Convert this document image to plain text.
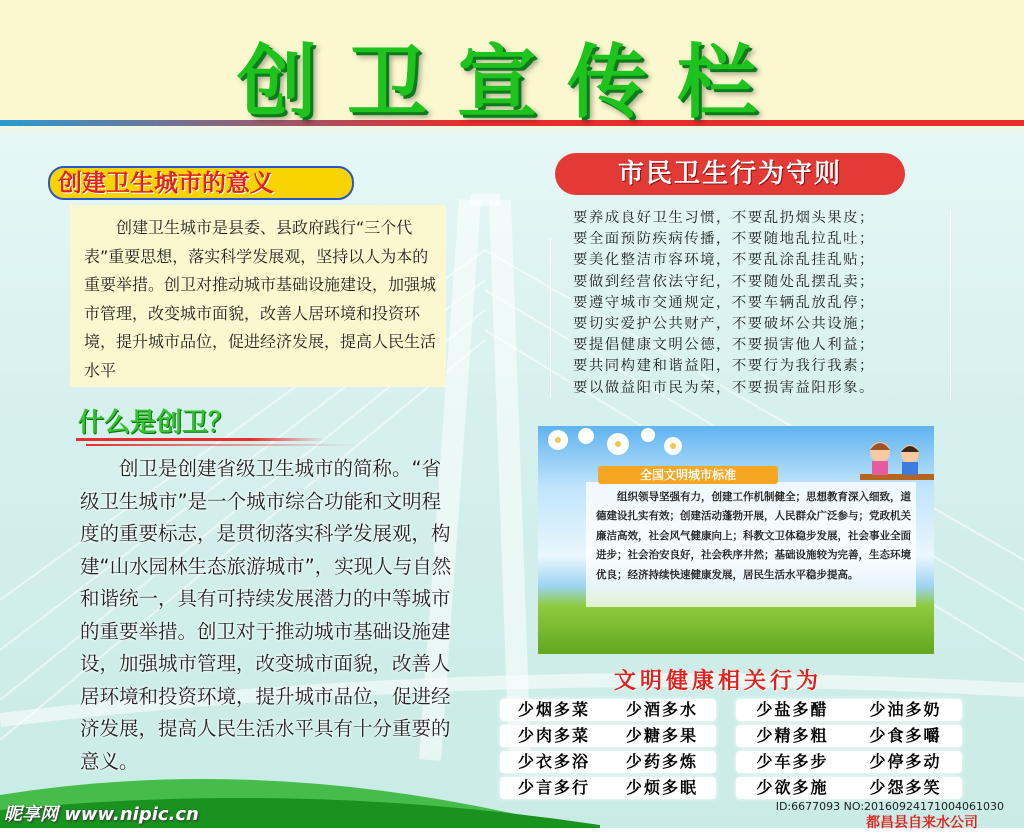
创卫宣传栏
创建卫生城市的意义
创建卫生城市是县委、县政府践行“三个代表”重要思想，落实科学发展观，坚持以人为本的重要举措。创卫对推动城市基础设施建设，加强城市管理，改变城市面貌，改善人居环境和投资环境，提升城市品位，促进经济发展，提高人民生活水平
什么是创卫？
创卫是创建省级卫生城市的简称。“省级卫生城市”是一个城市综合功能和文明程度的重要标志，是贯彻落实科学发展观，构建“山水园林生态旅游城市”，实现人与自然和谐统一，具有可持续发展潜力的中等城市的重要举措。创卫对于推动城市基础设施建设，加强城市管理，改变城市面貌，改善人居环境和投资环境，提升城市品位，促进经济发展，提高人民生活水平具有十分重要的意义。
市民卫生行为守则
要养成良好卫生习惯，不要乱扔烟头果皮；
要全面预防疾病传播，不要随地乱拉乱吐；
要美化整洁市容环境，不要乱涂乱挂乱贴；
要做到经营依法守纪，不要随处乱摆乱卖；
要遵守城市交通规定，不要车辆乱放乱停；
要切实爱护公共财产，不要破坏公共设施；
要提倡健康文明公德，不要损害他人利益；
要共同构建和谐益阳，不要行为我行我素；
要以做益阳市民为荣，不要损害益阳形象。
全国文明城市标准
组织领导坚强有力，创建工作机制健全；思想教育深入细致，道德建设扎实有效；创建活动蓬勃开展，人民群众广泛参与；党政机关廉洁高效，社会风气健康向上；科教文卫体稳步发展，社会事业全面进步；社会治安良好，社会秩序井然；基础设施较为完善，生态环境优良；经济持续快速健康发展，居民生活水平稳步提高。
文明健康相关行为
少烟多菜	少酒多水	少盐多醋	少油多奶
少肉多菜	少糖多果	少精多粗	少食多嚼
少衣多浴	少药多炼	少车多步	少停多动
少言多行	少烦多眠	少欲多施	少怨多笑
昵享网 www.nipic.cn	ID:6677093 NO:20160924171004061030
都昌县自来水公司
